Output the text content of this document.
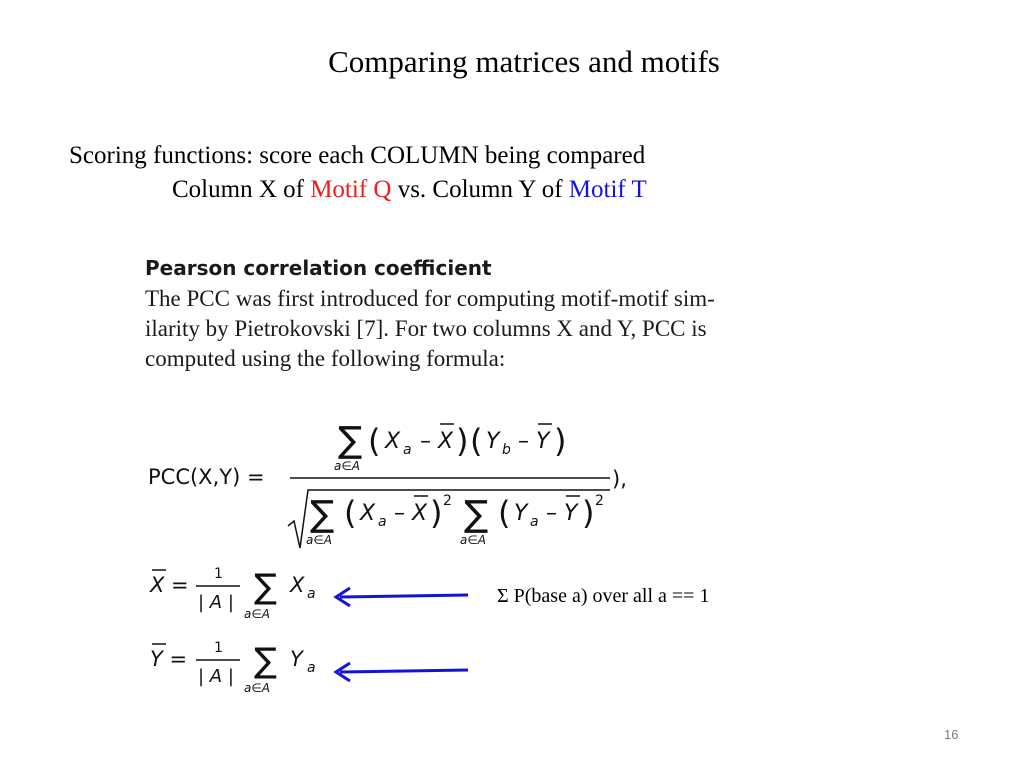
Comparing matrices and motifs
Scoring functions: score each COLUMN being compared
Column X of Motif Q vs. Column Y of Motif T
Pearson correlation coefficient
The PCC was first introduced for computing motif-motif sim-
ilarity by Pietrokovski [7]. For two columns X and Y, PCC is
computed using the following formula:
PCC(X,Y) =
∑
a∈A
( X a – X ) ( Y b – Y )
),
∑
a∈A
( X a – X ) 2 ∑
a∈A
( Y a – Y ) 2
X = 1
| A | ∑
a∈A
X a
Y = 1
| A | ∑
a∈A
Y a
Σ P(base a) over all a == 1
16
